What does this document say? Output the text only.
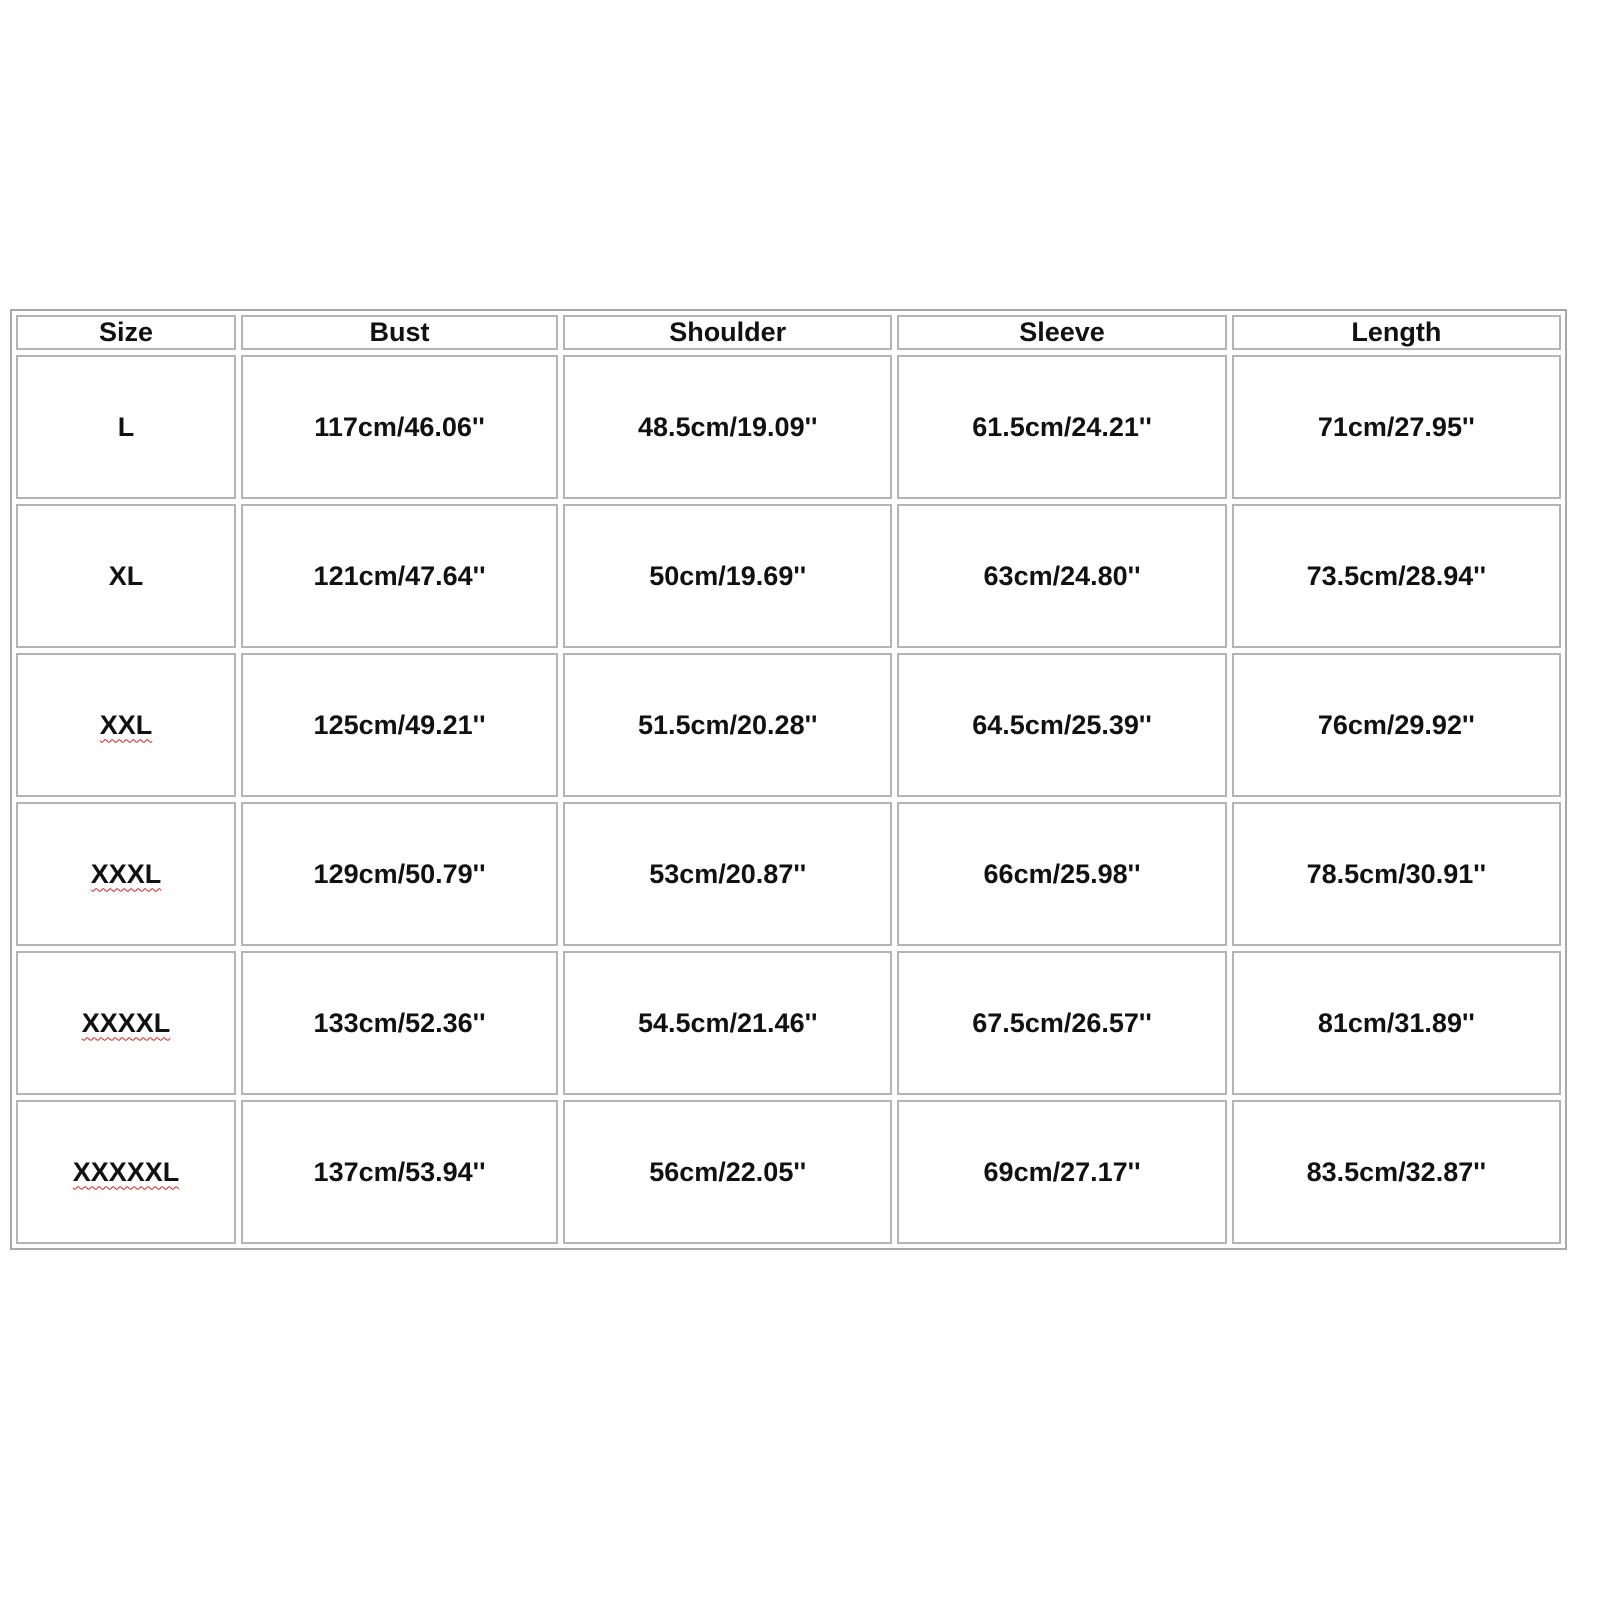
Size	Bust	Shoulder	Sleeve	Length
L	117cm/46.06''	48.5cm/19.09''	61.5cm/24.21''	71cm/27.95''
XL	121cm/47.64''	50cm/19.69''	63cm/24.80''	73.5cm/28.94''
XXL	125cm/49.21''	51.5cm/20.28''	64.5cm/25.39''	76cm/29.92''
XXXL	129cm/50.79''	53cm/20.87''	66cm/25.98''	78.5cm/30.91''
XXXXL	133cm/52.36''	54.5cm/21.46''	67.5cm/26.57''	81cm/31.89''
XXXXXL	137cm/53.94''	56cm/22.05''	69cm/27.17''	83.5cm/32.87''
